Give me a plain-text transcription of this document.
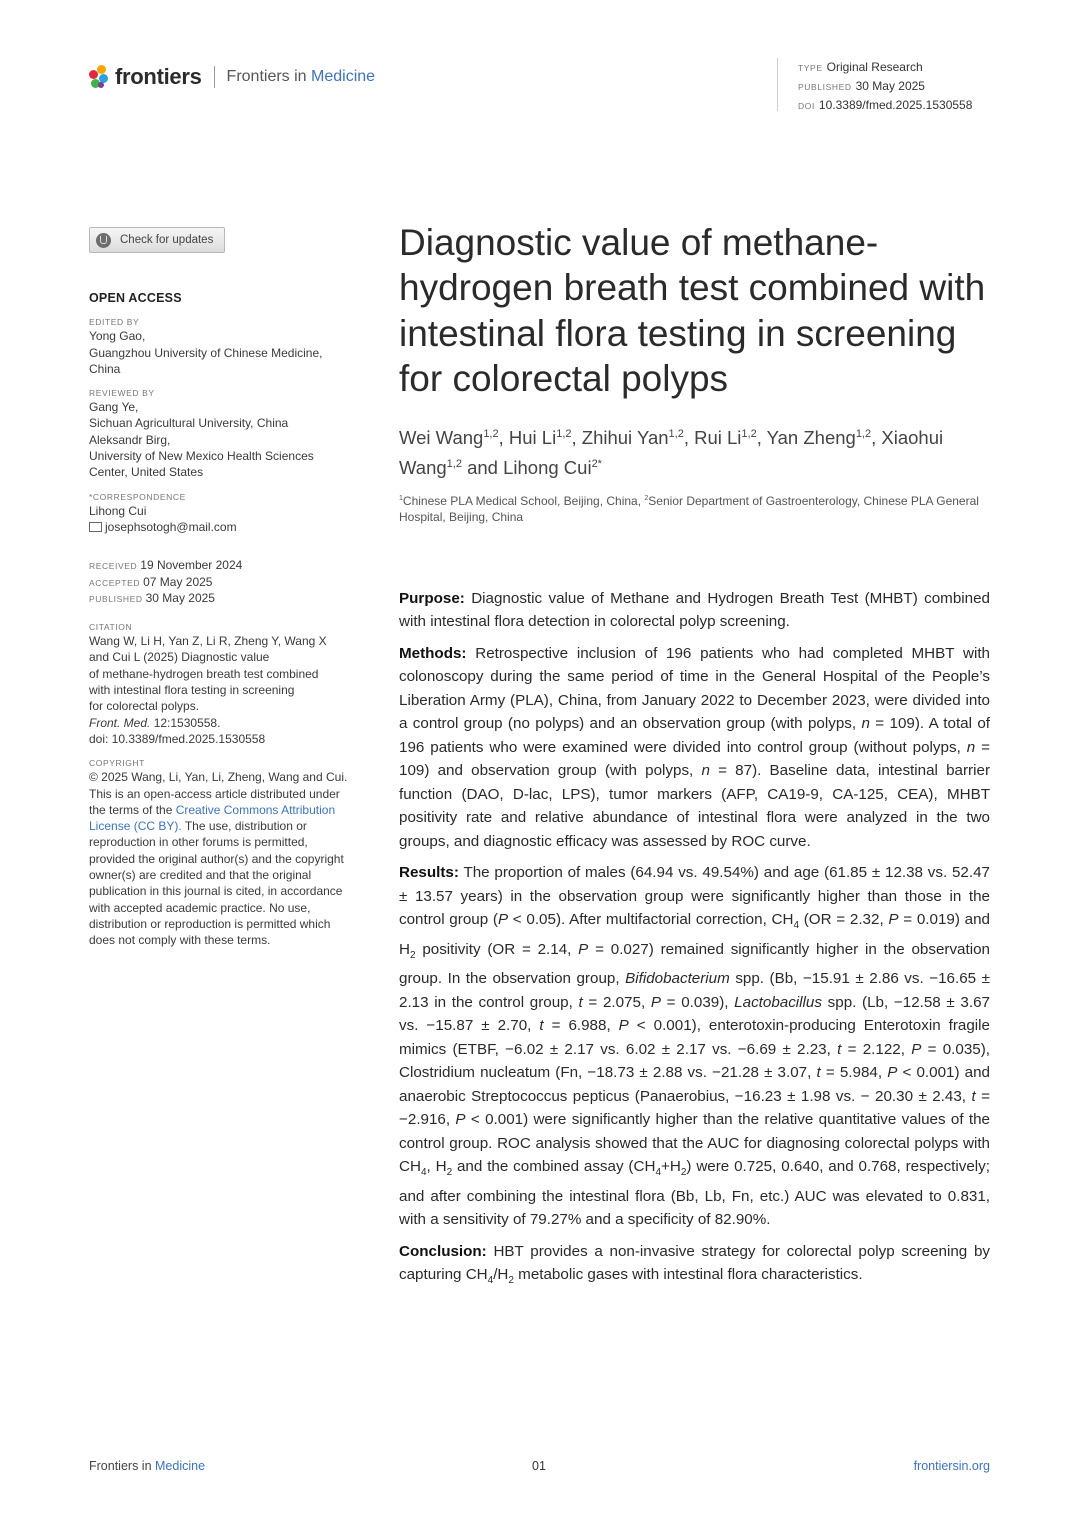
frontiers Frontiers in Medicine	TYPE Original Research
PUBLISHED 30 May 2025
DOI 10.3389/fmed.2025.1530558
Check for updates
OPEN ACCESS
EDITED BY

Yong Gao,

Guangzhou University of Chinese Medicine,

China

REVIEWED BY

Gang Ye,

Sichuan Agricultural University, China

Aleksandr Birg,

University of New Mexico Health Sciences

Center, United States

*CORRESPONDENCE

Lihong Cui

josephsotogh@mail.com

RECEIVED 19 November 2024

ACCEPTED 07 May 2025

PUBLISHED 30 May 2025

CITATION

Wang W, Li H, Yan Z, Li R, Zheng Y, Wang X

and Cui L (2025) Diagnostic value

of methane-hydrogen breath test combined

with intestinal flora testing in screening

for colorectal polyps.

Front. Med. 12:1530558.

doi: 10.3389/fmed.2025.1530558

COPYRIGHT

© 2025 Wang, Li, Yan, Li, Zheng, Wang and Cui. This is an open-access article distributed under the terms of the Creative Commons Attribution License (CC BY). The use, distribution or reproduction in other forums is permitted, provided the original author(s) and the copyright owner(s) are credited and that the original publication in this journal is cited, in accordance with accepted academic practice. No use, distribution or reproduction is permitted which does not comply with these terms.

Diagnostic value of methane-hydrogen breath test combined with intestinal flora testing in screening for colorectal polyps
Wei Wang$^{1,2}$, Hui Li$^{1,2}$, Zhihui Yan$^{1,2}$, Rui Li$^{1,2}$, Yan Zheng$^{1,2}$, Xiaohui Wang$^{1,2}$ and Lihong Cui$^{2*}$
$^1$Chinese PLA Medical School, Beijing, China, $^2$Senior Department of Gastroenterology, Chinese PLA General Hospital, Beijing, China

Purpose: Diagnostic value of Methane and Hydrogen Breath Test (MHBT) combined with intestinal flora detection in colorectal polyp screening.

Methods: Retrospective inclusion of 196 patients who had completed MHBT with colonoscopy during the same period of time in the General Hospital of the People’s Liberation Army (PLA), China, from January 2022 to December 2023, were divided into a control group (no polyps) and an observation group (with polyps, n = 109). A total of 196 patients who were examined were divided into control group (without polyps, n = 109) and observation group (with polyps, n = 87). Baseline data, intestinal barrier function (DAO, D-lac, LPS), tumor markers (AFP, CA19-9, CA-125, CEA), MHBT positivity rate and relative abundance of intestinal flora were analyzed in the two groups, and diagnostic efficacy was assessed by ROC curve.

Results: The proportion of males (64.94 vs. 49.54%) and age (61.85 ± 12.38 vs. 52.47 ± 13.57 years) in the observation group were significantly higher than those in the control group (P < 0.05). After multifactorial correction, $CH_4$ (OR = 2.32, P = 0.019) and $H_2$ positivity (OR = 2.14, P = 0.027) remained significantly higher in the observation group. In the observation group, Bifidobacterium spp. (Bb, −15.91 ± 2.86 vs. −16.65 ± 2.13 in the control group, t = 2.075, P = 0.039), Lactobacillus spp. (Lb, −12.58 ± 3.67 vs. −15.87 ± 2.70, t = 6.988, P < 0.001), enterotoxin-producing Enterotoxin fragile mimics (ETBF, −6.02 ± 2.17 vs. 6.02 ± 2.17 vs. −6.69 ± 2.23, t = 2.122, P = 0.035), Clostridium nucleatum (Fn, −18.73 ± 2.88 vs. −21.28 ± 3.07, t = 5.984, P < 0.001) and anaerobic Streptococcus pepticus (Panaerobius, −16.23 ± 1.98 vs. − 20.30 ± 2.43, t = −2.916, P < 0.001) were significantly higher than the relative quantitative values of the control group. ROC analysis showed that the AUC for diagnosing colorectal polyps with $CH_4$, $H_2$ and the combined assay $(CH_4+H_2)$ were 0.725, 0.640, and 0.768, respectively; and after combining the intestinal flora (Bb, Lb, Fn, etc.) AUC was elevated to 0.831, with a sensitivity of 79.27% and a specificity of 82.90%.

Conclusion: HBT provides a non-invasive strategy for colorectal polyp screening by capturing $CH_4/H_2$ metabolic gases with intestinal flora characteristics.

Frontiers in Medicine	01	frontiersin.org
